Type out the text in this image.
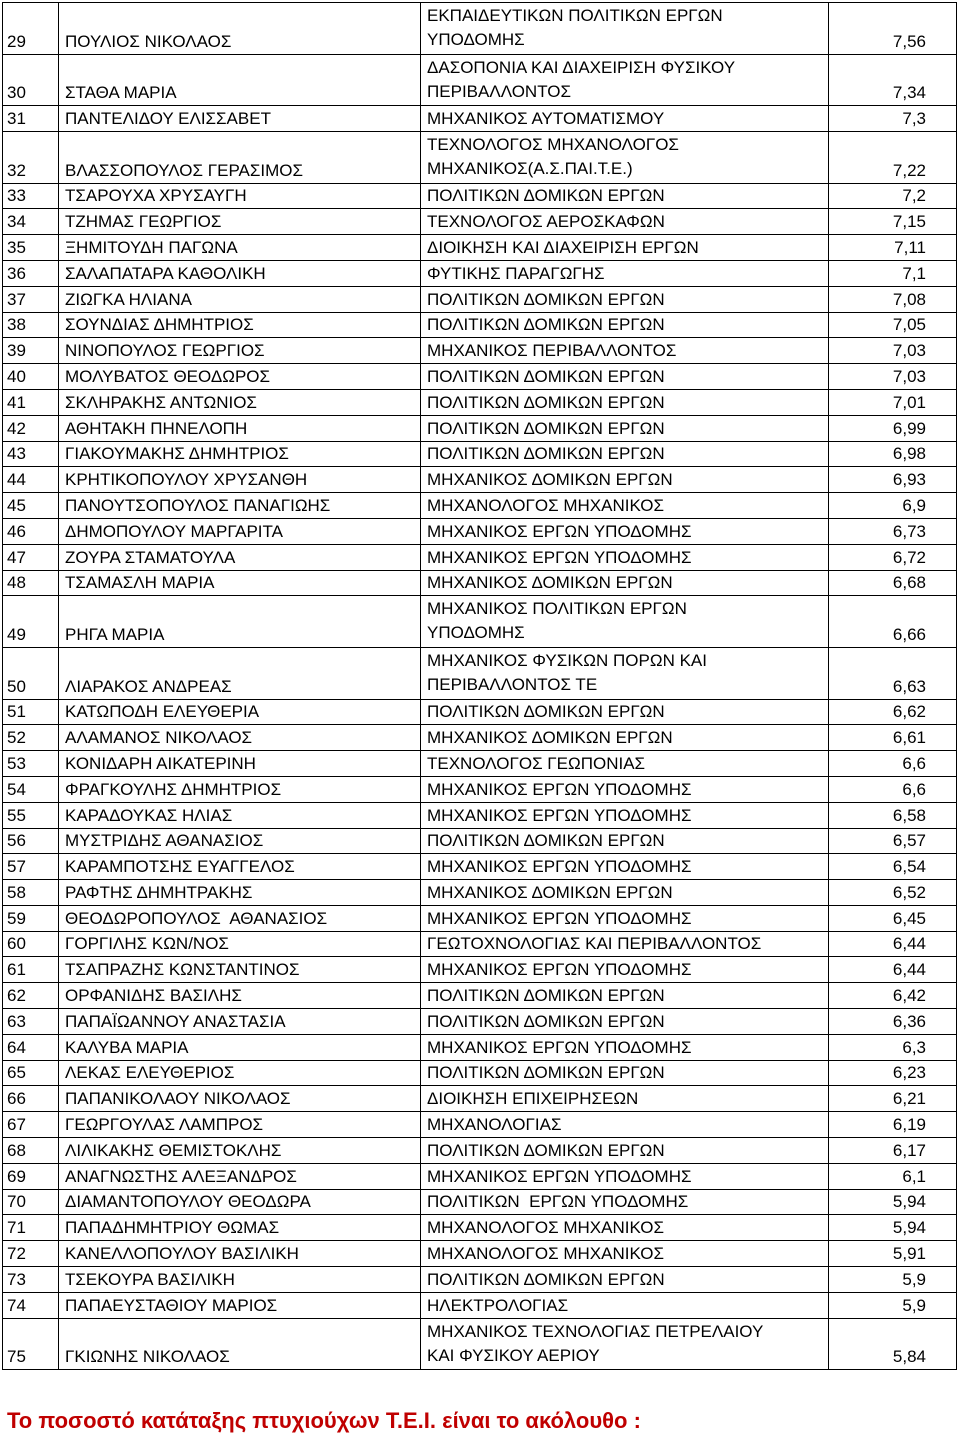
29	ΠΟΥΛΙΟΣ ΝΙΚΟΛΑΟΣ	ΕΚΠΑΙΔΕΥΤΙΚΩΝ ΠΟΛΙΤΙΚΩΝ ΕΡΓΩΝ
ΥΠΟΔΟΜΗΣ	7,56
30	ΣΤΑΘΑ ΜΑΡΙΑ	ΔΑΣΟΠΟΝΙΑ ΚΑΙ ΔΙΑΧΕΙΡΙΣΗ ΦΥΣΙΚΟΥ
ΠΕΡΙΒΑΛΛΟΝΤΟΣ	7,34
31	ΠΑΝΤΕΛΙΔΟΥ ΕΛΙΣΣΑΒΕΤ	ΜΗΧΑΝΙΚΟΣ ΑΥΤΟΜΑΤΙΣΜΟΥ	7,3
32	ΒΛΑΣΣΟΠΟΥΛΟΣ ΓΕΡΑΣΙΜΟΣ	ΤΕΧΝΟΛΟΓΟΣ ΜΗΧΑΝΟΛΟΓΟΣ
ΜΗΧΑΝΙΚΟΣ(Α.Σ.ΠΑΙ.Τ.Ε.)	7,22
33	ΤΣΑΡΟΥΧΑ ΧΡΥΣΑΥΓΗ	ΠΟΛΙΤΙΚΩΝ ΔΟΜΙΚΩΝ ΕΡΓΩΝ	7,2
34	ΤΖΗΜΑΣ ΓΕΩΡΓΙΟΣ	ΤΕΧΝΟΛΟΓΟΣ ΑΕΡΟΣΚΑΦΩΝ	7,15
35	ΞΗΜΙΤΟΥΔΗ ΠΑΓΩΝΑ	ΔΙΟΙΚΗΣΗ ΚΑΙ ΔΙΑΧΕΙΡΙΣΗ ΕΡΓΩΝ	7,11
36	ΣΑΛΑΠΑΤΑΡΑ ΚΑΘΟΛΙΚΗ	ΦΥΤΙΚΗΣ ΠΑΡΑΓΩΓΗΣ	7,1
37	ΖΙΩΓΚΑ ΗΛΙΑΝΑ	ΠΟΛΙΤΙΚΩΝ ΔΟΜΙΚΩΝ ΕΡΓΩΝ	7,08
38	ΣΟΥΝΔΙΑΣ ΔΗΜΗΤΡΙΟΣ	ΠΟΛΙΤΙΚΩΝ ΔΟΜΙΚΩΝ ΕΡΓΩΝ	7,05
39	ΝΙΝΟΠΟΥΛΟΣ ΓΕΩΡΓΙΟΣ	ΜΗΧΑΝΙΚΟΣ ΠΕΡΙΒΑΛΛΟΝΤΟΣ	7,03
40	ΜΟΛΥΒΑΤΟΣ ΘΕΟΔΩΡΟΣ	ΠΟΛΙΤΙΚΩΝ ΔΟΜΙΚΩΝ ΕΡΓΩΝ	7,03
41	ΣΚΛΗΡΑΚΗΣ ΑΝΤΩΝΙΟΣ	ΠΟΛΙΤΙΚΩΝ ΔΟΜΙΚΩΝ ΕΡΓΩΝ	7,01
42	ΑΘΗΤΑΚΗ ΠΗΝΕΛΟΠΗ	ΠΟΛΙΤΙΚΩΝ ΔΟΜΙΚΩΝ ΕΡΓΩΝ	6,99
43	ΓΙΑΚΟΥΜΑΚΗΣ ΔΗΜΗΤΡΙΟΣ	ΠΟΛΙΤΙΚΩΝ ΔΟΜΙΚΩΝ ΕΡΓΩΝ	6,98
44	ΚΡΗΤΙΚΟΠΟΥΛΟΥ ΧΡΥΣΑΝΘΗ	ΜΗΧΑΝΙΚΟΣ ΔΟΜΙΚΩΝ ΕΡΓΩΝ	6,93
45	ΠΑΝΟΥΤΣΟΠΟΥΛΟΣ ΠΑΝΑΓΙΩΗΣ	ΜΗΧΑΝΟΛΟΓΟΣ ΜΗΧΑΝΙΚΟΣ	6,9
46	ΔΗΜΟΠΟΥΛΟΥ ΜΑΡΓΑΡΙΤΑ	ΜΗΧΑΝΙΚΟΣ ΕΡΓΩΝ ΥΠΟΔΟΜΗΣ	6,73
47	ΖΟΥΡΑ ΣΤΑΜΑΤΟΥΛΑ	ΜΗΧΑΝΙΚΟΣ ΕΡΓΩΝ ΥΠΟΔΟΜΗΣ	6,72
48	ΤΣΑΜΑΣΛΗ ΜΑΡΙΑ	ΜΗΧΑΝΙΚΟΣ ΔΟΜΙΚΩΝ ΕΡΓΩΝ	6,68
49	ΡΗΓΑ ΜΑΡΙΑ	ΜΗΧΑΝΙΚΟΣ ΠΟΛΙΤΙΚΩΝ ΕΡΓΩΝ
ΥΠΟΔΟΜΗΣ	6,66
50	ΛΙΑΡΑΚΟΣ ΑΝΔΡΕΑΣ	ΜΗΧΑΝΙΚΟΣ ΦΥΣΙΚΩΝ ΠΟΡΩΝ ΚΑΙ
ΠΕΡΙΒΑΛΛΟΝΤΟΣ ΤΕ	6,63
51	ΚΑΤΩΠΟΔΗ ΕΛΕΥΘΕΡΙΑ	ΠΟΛΙΤΙΚΩΝ ΔΟΜΙΚΩΝ ΕΡΓΩΝ	6,62
52	ΑΛΑΜΑΝΟΣ ΝΙΚΟΛΑΟΣ	ΜΗΧΑΝΙΚΟΣ ΔΟΜΙΚΩΝ ΕΡΓΩΝ	6,61
53	ΚΟΝΙΔΑΡΗ ΑΙΚΑΤΕΡΙΝΗ	ΤΕΧΝΟΛΟΓΟΣ ΓΕΩΠΟΝΙΑΣ	6,6
54	ΦΡΑΓΚΟΥΛΗΣ ΔΗΜΗΤΡΙΟΣ	ΜΗΧΑΝΙΚΟΣ ΕΡΓΩΝ ΥΠΟΔΟΜΗΣ	6,6
55	ΚΑΡΑΔΟΥΚΑΣ ΗΛΙΑΣ	ΜΗΧΑΝΙΚΟΣ ΕΡΓΩΝ ΥΠΟΔΟΜΗΣ	6,58
56	ΜΥΣΤΡΙΔΗΣ ΑΘΑΝΑΣΙΟΣ	ΠΟΛΙΤΙΚΩΝ ΔΟΜΙΚΩΝ ΕΡΓΩΝ	6,57
57	ΚΑΡΑΜΠΟΤΣΗΣ ΕΥΑΓΓΕΛΟΣ	ΜΗΧΑΝΙΚΟΣ ΕΡΓΩΝ ΥΠΟΔΟΜΗΣ	6,54
58	ΡΑΦΤΗΣ ΔΗΜΗΤΡΑΚΗΣ	ΜΗΧΑΝΙΚΟΣ ΔΟΜΙΚΩΝ ΕΡΓΩΝ	6,52
59	ΘΕΟΔΩΡΟΠΟΥΛΟΣ  ΑΘΑΝΑΣΙΟΣ	ΜΗΧΑΝΙΚΟΣ ΕΡΓΩΝ ΥΠΟΔΟΜΗΣ	6,45
60	ΓΟΡΓΙΛΗΣ ΚΩΝ/ΝΟΣ	ΓΕΩΤΟΧΝΟΛΟΓΙΑΣ ΚΑΙ ΠΕΡΙΒΑΛΛΟΝΤΟΣ	6,44
61	ΤΣΑΠΡΑΖΗΣ ΚΩΝΣΤΑΝΤΙΝΟΣ	ΜΗΧΑΝΙΚΟΣ ΕΡΓΩΝ ΥΠΟΔΟΜΗΣ	6,44
62	ΟΡΦΑΝΙΔΗΣ ΒΑΣΙΛΗΣ	ΠΟΛΙΤΙΚΩΝ ΔΟΜΙΚΩΝ ΕΡΓΩΝ	6,42
63	ΠΑΠΑΪΩΑΝΝΟΥ ΑΝΑΣΤΑΣΙΑ	ΠΟΛΙΤΙΚΩΝ ΔΟΜΙΚΩΝ ΕΡΓΩΝ	6,36
64	ΚΑΛΥΒΑ ΜΑΡΙΑ	ΜΗΧΑΝΙΚΟΣ ΕΡΓΩΝ ΥΠΟΔΟΜΗΣ	6,3
65	ΛΕΚΑΣ ΕΛΕΥΘΕΡΙΟΣ	ΠΟΛΙΤΙΚΩΝ ΔΟΜΙΚΩΝ ΕΡΓΩΝ	6,23
66	ΠΑΠΑΝΙΚΟΛΑΟΥ ΝΙΚΟΛΑΟΣ	ΔΙΟΙΚΗΣΗ ΕΠΙΧΕΙΡΗΣΕΩΝ	6,21
67	ΓΕΩΡΓΟΥΛΑΣ ΛΑΜΠΡΟΣ	ΜΗΧΑΝΟΛΟΓΙΑΣ	6,19
68	ΛΙΛΙΚΑΚΗΣ ΘΕΜΙΣΤΟΚΛΗΣ	ΠΟΛΙΤΙΚΩΝ ΔΟΜΙΚΩΝ ΕΡΓΩΝ	6,17
69	ΑΝΑΓΝΩΣΤΗΣ ΑΛΕΞΑΝΔΡΟΣ	ΜΗΧΑΝΙΚΟΣ ΕΡΓΩΝ ΥΠΟΔΟΜΗΣ	6,1
70	ΔΙΑΜΑΝΤΟΠΟΥΛΟΥ ΘΕΟΔΩΡΑ	ΠΟΛΙΤΙΚΩΝ  ΕΡΓΩΝ ΥΠΟΔΟΜΗΣ	5,94
71	ΠΑΠΑΔΗΜΗΤΡΙΟΥ ΘΩΜΑΣ	ΜΗΧΑΝΟΛΟΓΟΣ ΜΗΧΑΝΙΚΟΣ	5,94
72	ΚΑΝΕΛΛΟΠΟΥΛΟΥ ΒΑΣΙΛΙΚΗ	ΜΗΧΑΝΟΛΟΓΟΣ ΜΗΧΑΝΙΚΟΣ	5,91
73	ΤΣΕΚΟΥΡΑ ΒΑΣΙΛΙΚΗ	ΠΟΛΙΤΙΚΩΝ ΔΟΜΙΚΩΝ ΕΡΓΩΝ	5,9
74	ΠΑΠΑΕΥΣΤΑΘΙΟΥ ΜΑΡΙΟΣ	ΗΛΕΚΤΡΟΛΟΓΙΑΣ	5,9
75	ΓΚΙΩΝΗΣ ΝΙΚΟΛΑΟΣ	ΜΗΧΑΝΙΚΟΣ ΤΕΧΝΟΛΟΓΙΑΣ ΠΕΤΡΕΛΑΙΟΥ
ΚΑΙ ΦΥΣΙΚΟΥ ΑΕΡΙΟΥ	5,84
Το ποσοστό κατάταξης πτυχιούχων Τ.Ε.Ι. είναι το ακόλουθο :
